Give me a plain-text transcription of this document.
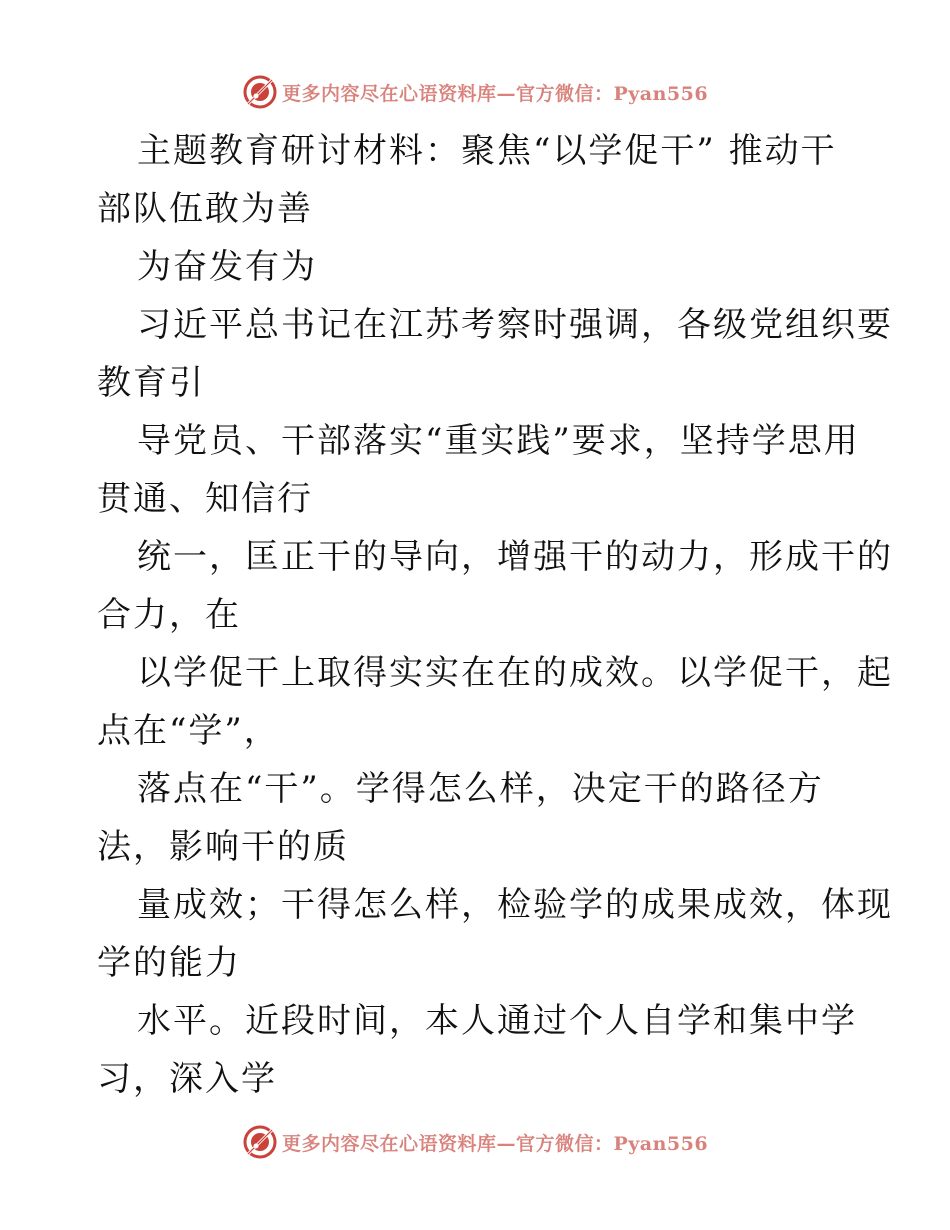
更多内容尽在心语资料库—官方微信：Pyan556
主题教育研讨材料：聚焦“以学促干” 推动干
部队伍敢为善
为奋发有为
习近平总书记在江苏考察时强调，各级党组织要
教育引
导党员、干部落实“重实践”要求，坚持学思用
贯通、知信行
统一，匡正干的导向，增强干的动力，形成干的
合力，在
以学促干上取得实实在在的成效。以学促干，起
点在“学”，
落点在“干”。学得怎么样，决定干的路径方
法，影响干的质
量成效；干得怎么样，检验学的成果成效，体现
学的能力
水平。近段时间，本人通过个人自学和集中学
习，深入学
更多内容尽在心语资料库—官方微信：Pyan556
